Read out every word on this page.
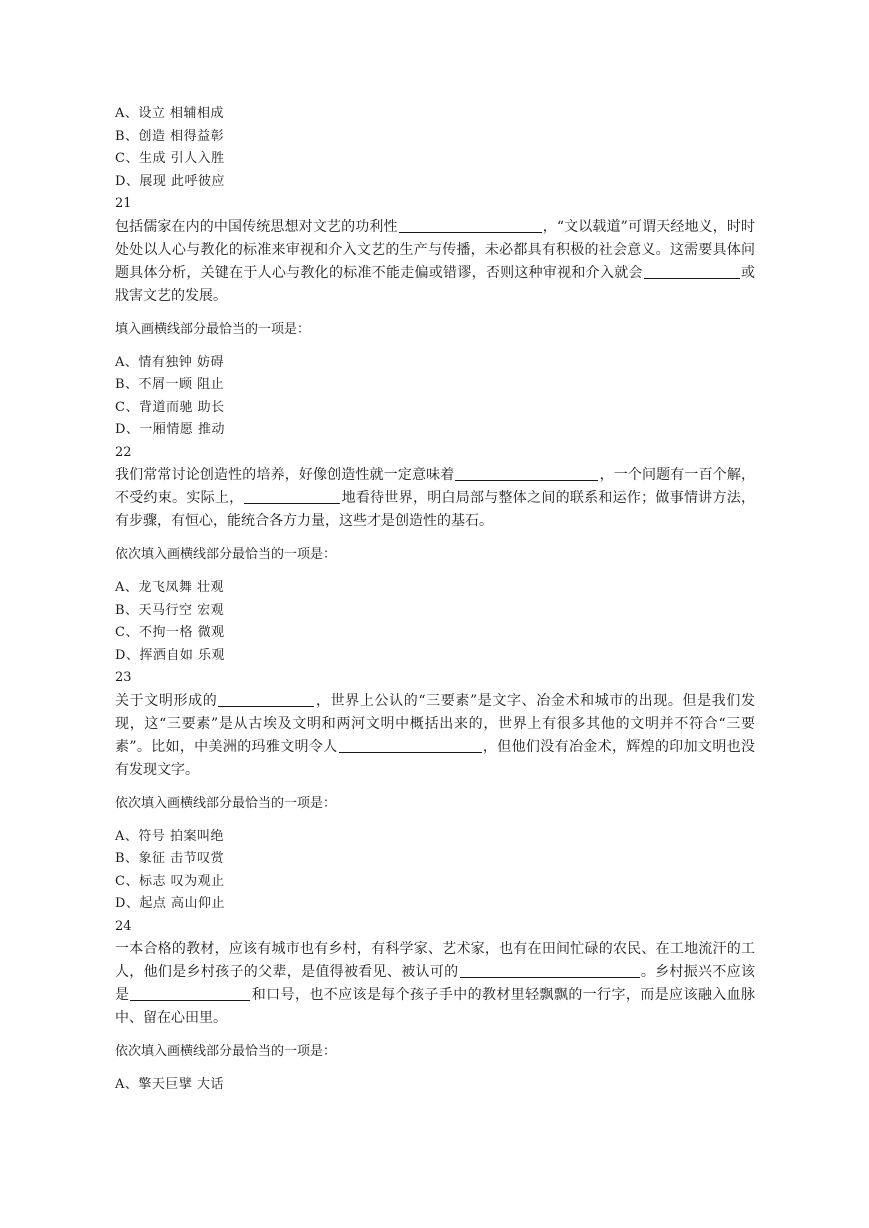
A、设立 相辅相成
B、创造 相得益彰
C、生成 引人入胜
D、展现 此呼彼应
21

包括儒家在内的中国传统思想对文艺的功利性	，“文以载道”可谓天经地义，时时处处以人心与教化的标准来审视和介入文艺的生产与传播，未必都具有积极的社会意义。这需要具体问题具体分析，关键在于人心与教化的标准不能走偏或错谬，否则这种审视和介入就会	或戕害文艺的发展。

填入画横线部分最恰当的一项是：
A、情有独钟 妨碍
B、不屑一顾 阻止
C、背道而驰 助长
D、一厢情愿 推动
22

我们常常讨论创造性的培养，好像创造性就一定意味着	，一个问题有一百个解，不受约束。实际上，	地看待世界，明白局部与整体之间的联系和运作；做事情讲方法，有步骤，有恒心，能统合各方力量，这些才是创造性的基石。

依次填入画横线部分最恰当的一项是：
A、龙飞凤舞 壮观
B、天马行空 宏观
C、不拘一格 微观
D、挥洒自如 乐观
23

关于文明形成的	，世界上公认的“三要素”是文字、冶金术和城市的出现。但是我们发现，这“三要素”是从古埃及文明和两河文明中概括出来的，世界上有很多其他的文明并不符合“三要素”。比如，中美洲的玛雅文明令人	，但他们没有冶金术，辉煌的印加文明也没有发现文字。

依次填入画横线部分最恰当的一项是：
A、符号 拍案叫绝
B、象征 击节叹赏
C、标志 叹为观止
D、起点 高山仰止
24

一本合格的教材，应该有城市也有乡村，有科学家、艺术家，也有在田间忙碌的农民、在工地流汗的工人，他们是乡村孩子的父辈，是值得被看见、被认可的	。乡村振兴不应该是	和口号，也不应该是每个孩子手中的教材里轻飘飘的一行字，而是应该融入血脉中、留在心田里。

依次填入画横线部分最恰当的一项是：
A、擎天巨擘 大话
